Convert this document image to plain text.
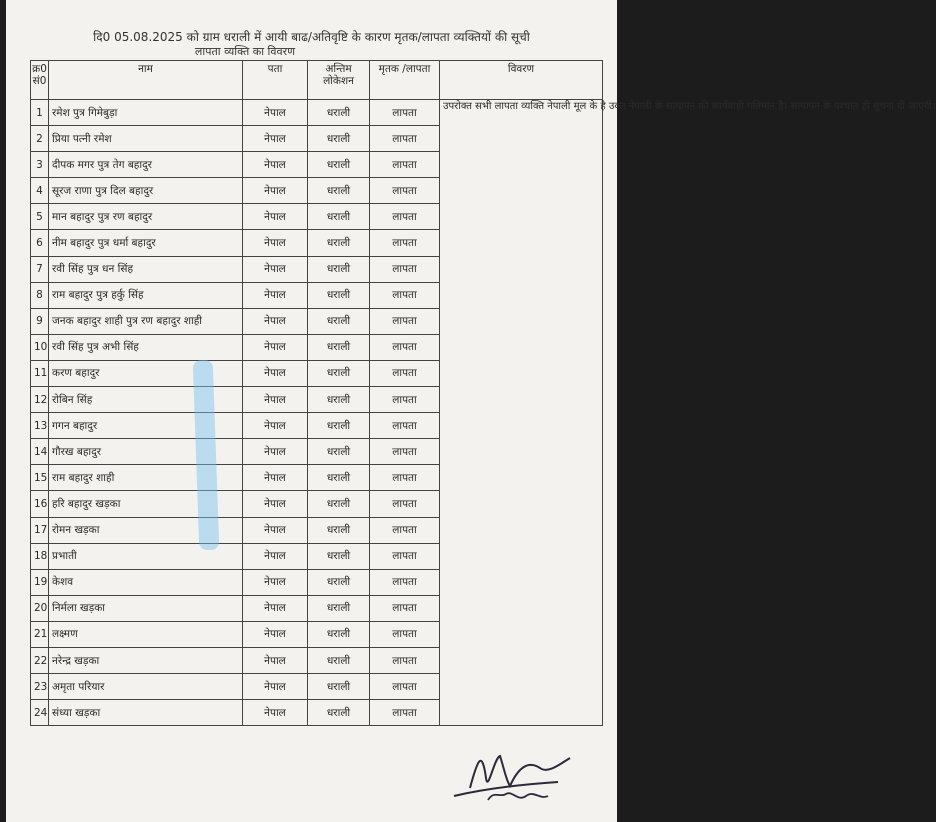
दि0 05.08.2025 को ग्राम धराली में आयी बाढ/अतिवृष्टि के कारण मृतक/लापता व्यक्तियों की सूची
लापता व्यक्ति का विवरण
क्र0 सं0	नाम	पता	अन्तिम लोकेशन	मृतक /लापता	विवरण
1	रमेश पुत्र गिमेबुड़ा	नेपाल	धराली	लापता	उपरोक्त सभी लापता व्यक्ति नेपाली मूल के है उक्त नेपाली के सत्यापन की कार्यवाही गतिमान है। सत्यापन के पश्चात ही सूचना दी जाएगी।

2	प्रिया पत्नी रमेश	नेपाल	धराली	लापता	
3	दीपक मगर पुत्र तेग बहादुर	नेपाल	धराली	लापता	
4	सूरज राणा पुत्र दिल बहादुर	नेपाल	धराली	लापता	
5	मान बहादुर पुत्र रण बहादुर	नेपाल	धराली	लापता	
6	नीम बहादुर पुत्र धर्मा बहादुर	नेपाल	धराली	लापता	
7	रवी सिंह पुत्र धन सिंह	नेपाल	धराली	लापता	
8	राम बहादुर पुत्र हर्कु सिंह	नेपाल	धराली	लापता	
9	जनक बहादुर शाही पुत्र रण बहादुर शाही	नेपाल	धराली	लापता	
10	रवी सिंह पुत्र अभी सिंह	नेपाल	धराली	लापता	
11	करण बहादुर	नेपाल	धराली	लापता	
12	रोबिन सिंह	नेपाल	धराली	लापता	
13	गगन बहादुर	नेपाल	धराली	लापता	
14	गौरख बहादुर	नेपाल	धराली	लापता	
15	राम बहादुर शाही	नेपाल	धराली	लापता	
16	हरि बहादुर खड़का	नेपाल	धराली	लापता	
17	रोमन खड़का	नेपाल	धराली	लापता	
18	प्रभाती	नेपाल	धराली	लापता	
19	केशव	नेपाल	धराली	लापता	
20	निर्मला खड़का	नेपाल	धराली	लापता	
21	लक्ष्मण	नेपाल	धराली	लापता	
22	नरेन्द्र खड़का	नेपाल	धराली	लापता	
23	अमृता परियार	नेपाल	धराली	लापता	
24	संध्या खड़का	नेपाल	धराली	लापता	
